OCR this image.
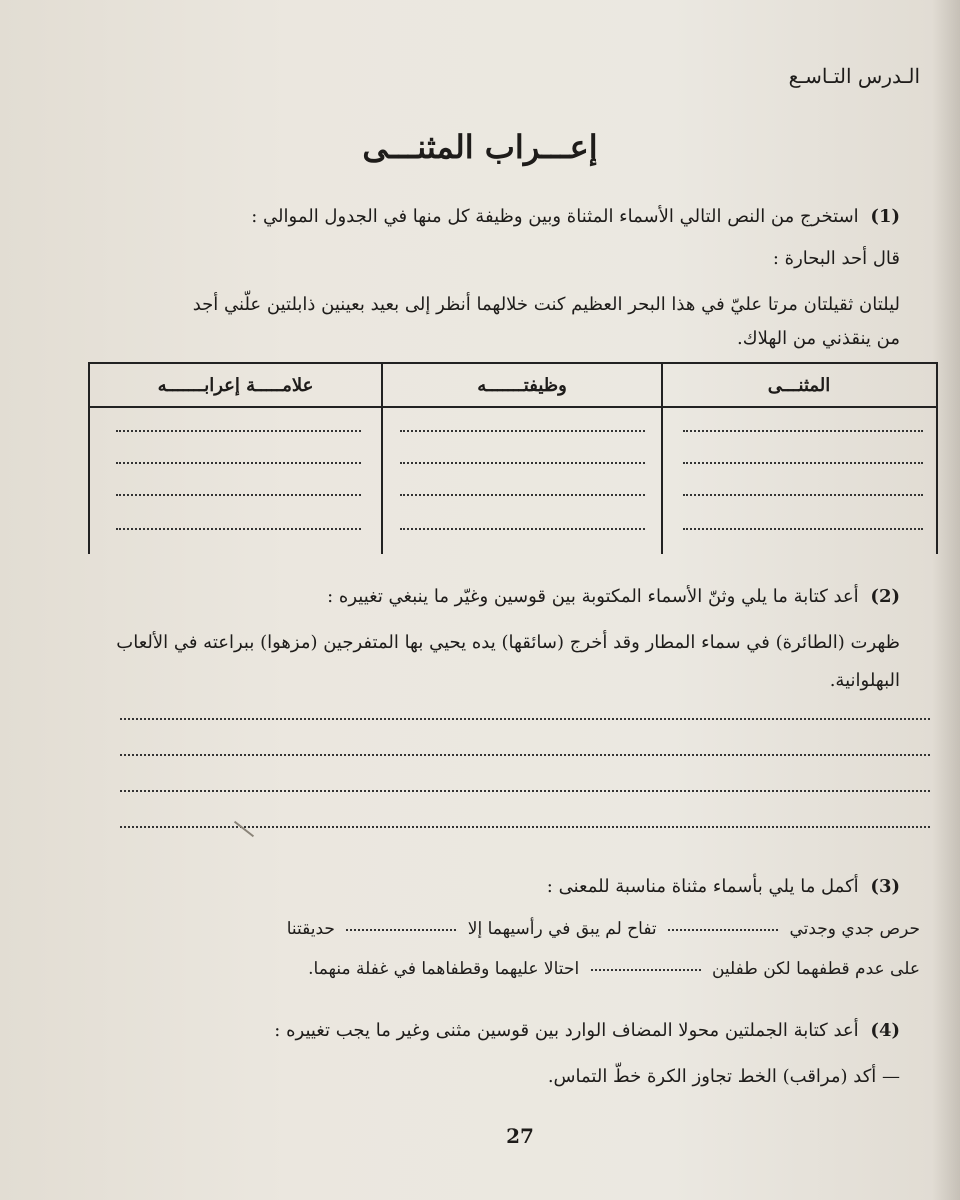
الـدرس التـاسـع
إعـــراب المثنـــى
(1) استخرج من النص التالي الأسماء المثناة وبين وظيفة كل منها في الجدول الموالي :
قال أحد البحارة :
ليلتان ثقيلتان مرتا عليّ في هذا البحر العظيم كنت خلالهما أنظر إلى بعيد بعينين ذابلتين علّني أجد
من ينقذني من الهلاك.
المثنـــى
وظيفتـــــــه
علامـــــة إعرابـــــــه
(2) أعد كتابة ما يلي وثنّ الأسماء المكتوبة بين قوسين وغيّر ما ينبغي تغييره :
ظهرت (الطائرة) في سماء المطار وقد أخرج (سائقها) يده يحيي بها المتفرجين (مزهوا) ببراعته في الألعاب البهلوانية.
(3) أكمل ما يلي بأسماء مثناة مناسبة للمعنى :
حرص جدي وجدتي  تفاح لم يبق في رأسيهما إلا  حديقتنا
على عدم قطفهما لكن طفلين  احتالا عليهما وقطفاهما في غفلة منهما.
(4) أعد كتابة الجملتين محولا المضاف الوارد بين قوسين مثنى وغير ما يجب تغييره :
— أكد (مراقب) الخط تجاوز الكرة خطّ التماس.
27
